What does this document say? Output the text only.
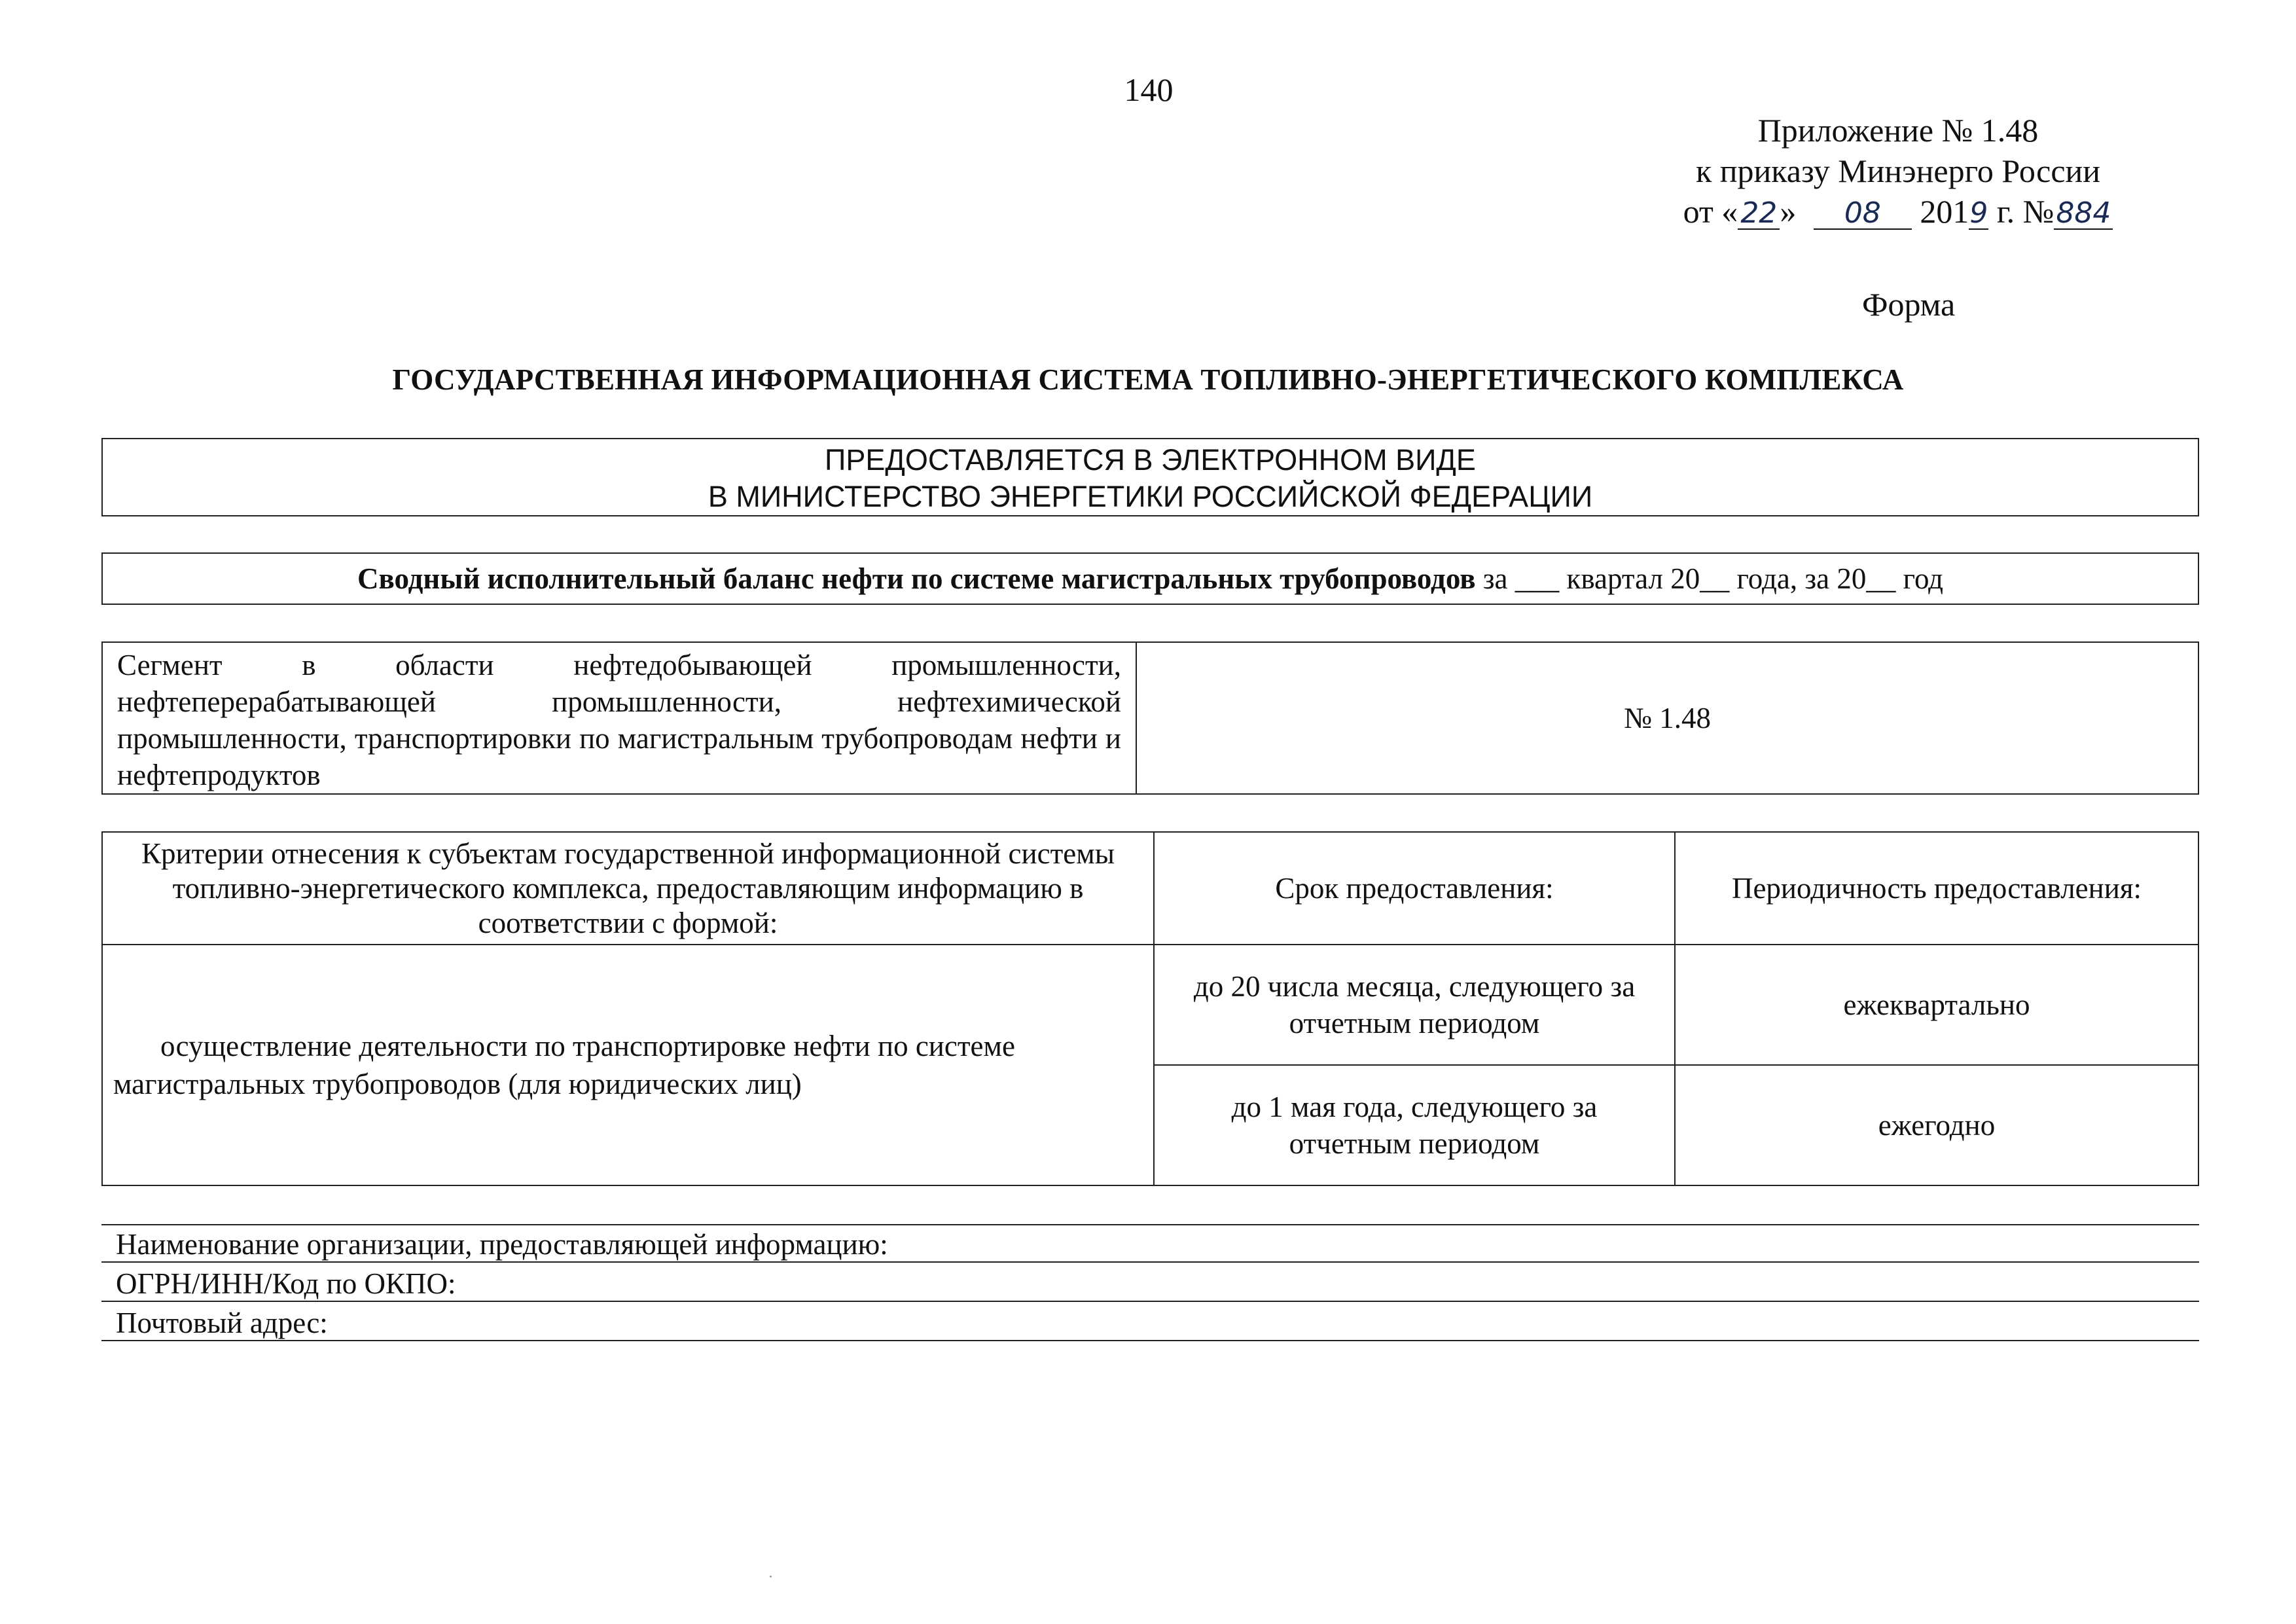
140
Приложение № 1.48
к приказу Минэнерго России
от «22» 08 2019 г. №884
Форма
ГОСУДАРСТВЕННАЯ ИНФОРМАЦИОННАЯ СИСТЕМА ТОПЛИВНО-ЭНЕРГЕТИЧЕСКОГО КОМПЛЕКСА
ПРЕДОСТАВЛЯЕТСЯ В ЭЛЕКТРОННОМ ВИДЕ
В МИНИСТЕРСТВО ЭНЕРГЕТИКИ РОССИЙСКОЙ ФЕДЕРАЦИИ
Сводный исполнительный баланс нефти по системе магистральных трубопроводов за ___ квартал 20__ года, за 20__ год
Сегмент в области нефтедобывающей промышленности, нефтеперерабатывающей промышленности, нефтехимической промышленности, транспортировки по магистральным трубопроводам нефти и нефтепродуктов	№ 1.48
Критерии отнесения к субъектам государственной информационной системы топливно-энергетического комплекса, предоставляющим информацию в соответствии с формой:	Срок предоставления:	Периодичность предоставления:
осуществление деятельности по транспортировке нефти по системе магистральных трубопроводов (для юридических лиц)	до 20 числа месяца, следующего за отчетным периодом	ежеквартально
	до 1 мая года, следующего за отчетным периодом	ежегодно
Наименование организации, предоставляющей информацию:
ОГРН/ИНН/Код по ОКПО:
Почтовый адрес:
